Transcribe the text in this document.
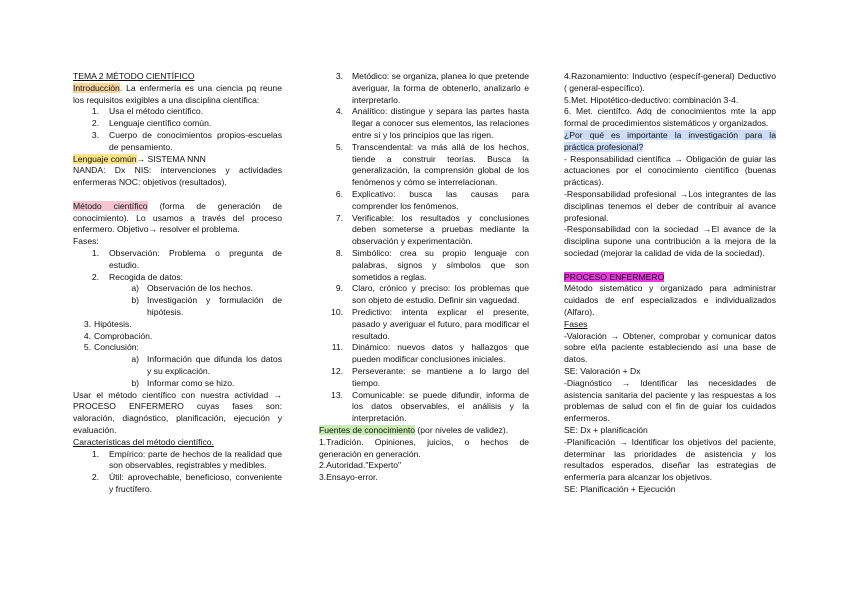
TEMA 2 MÉTODO CIENTÍFICO

Introducción. La enfermería es una ciencia pq reune los requisitos exigibles a una disciplina científica:

1. Usa el método científico.
2. Lenguaje científico común.
3. Cuerpo de conocimientos propios-escuelas de pensamiento.

Lenguaje común→ SISTEMA NNN

NANDA: Dx NIS: intervenciones y actividades enfermeras NOC: objetivos (resultados).

Método científico (forma de generación de conocimiento). Lo usamos a través del proceso enfermero. Objetivo→ resolver el problema.

Fases:

1. Observación: Problema o pregunta de estudio.
2. Recogida de datos:
a) Observación de los hechos.
b) Investigación y formulación de hipótesis.
3. Hipótesis.
4. Comprobación.
5. Conclusión:
a) Información que difunda los datos y su explicación.
b) Informar como se hizo.

Usar el método científico con nuestra actividad → PROCESO ENFERMERO cuyas fases son: valoración, diagnóstico, planificación, ejecución y evaluación.

Características del método científico.

1. Empírico: parte de hechos de la realidad que son observables, registrables y medibles.
2. Útil: aprovechable, beneficioso, conveniente y fructífero.
3. Metódico: se organiza, planea lo que pretende averiguar, la forma de obtenerlo, analizarlo e interpretarlo.
4. Analítico: distingue y separa las partes hasta llegar a conocer sus elementos, las relaciones entre sí y los principios que las rigen.
5. Transcendental: va más allá de los hechos, tiende a construir teorías. Busca la generalización, la comprensión global de los fenómenos y cómo se interrelacionan.
6. Explicativo: busca las causas para comprender los fenómenos.
7. Verificable: los resultados y conclusiones deben someterse a pruebas mediante la observación y experimentación.
8. Simbólico: crea su propio lenguaje con palabras, signos y símbolos que son sometidos a reglas.
9. Claro, crónico y preciso: los problemas que son objeto de estudio. Definir sin vaguedad.
10. Predictivo: intenta explicar el presente, pasado y averiguar el futuro, para modificar el resultado.
11. Dinámico: nuevos datos y hallazgos que pueden modificar conclusiones iniciales.
12. Perseverante: se mantiene a lo largo del tiempo.
13. Comunicable: se puede difundir, informa de los datos observables, el análisis y la interpretación.

Fuentes de conocimiento (por niveles de validez).

1.Tradición. Opiniones, juicios, o hechos de generación en generación.

2.Autoridad."Experto"

3.Ensayo-error.

4.Razonamiento: Inductivo (específ-general) Deductivo ( general-específico).

5.Met. Hipotético-deductivo: combinación 3-4.

6. Met. científco. Adq de conocimientos mte la app formal de procedimientos sistemáticos y organizados.

¿Por qué es importante la investigación para la práctica profesional?

- Responsabilidad científica → Obligación de guiar las actuaciones por el conocimiento científico (buenas prácticas).

-Responsabilidad profesional →Los integrantes de las disciplinas tenemos el deber de contribuir al avance profesional.

-Responsabilidad con la sociedad →El avance de la disciplina supone una contribución a la mejora de la sociedad (mejorar la calidad de vida de la sociedad).

PROCESO ENFERMERO

Método sistemático y organizado para administrar cuidados de enf especializados e individualizados (Alfaro).

Fases

-Valoración → Obtener, comprobar y comunicar datos sobre el/la paciente estableciendo así una base de datos.

SE: Valoración + Dx

-Diagnóstico → Identificar las necesidades de asistencia sanitaria del paciente y las respuestas a los problemas de salud con el fin de guiar los cuidados enfermeros.

SE: Dx + planificación

-Planificación → Identificar los objetivos del paciente, determinar las prioridades de asistencia y los resultados esperados, diseñar las estrategias de enfermería para alcanzar los objetivos.

SE: Planificación + Ejecución
